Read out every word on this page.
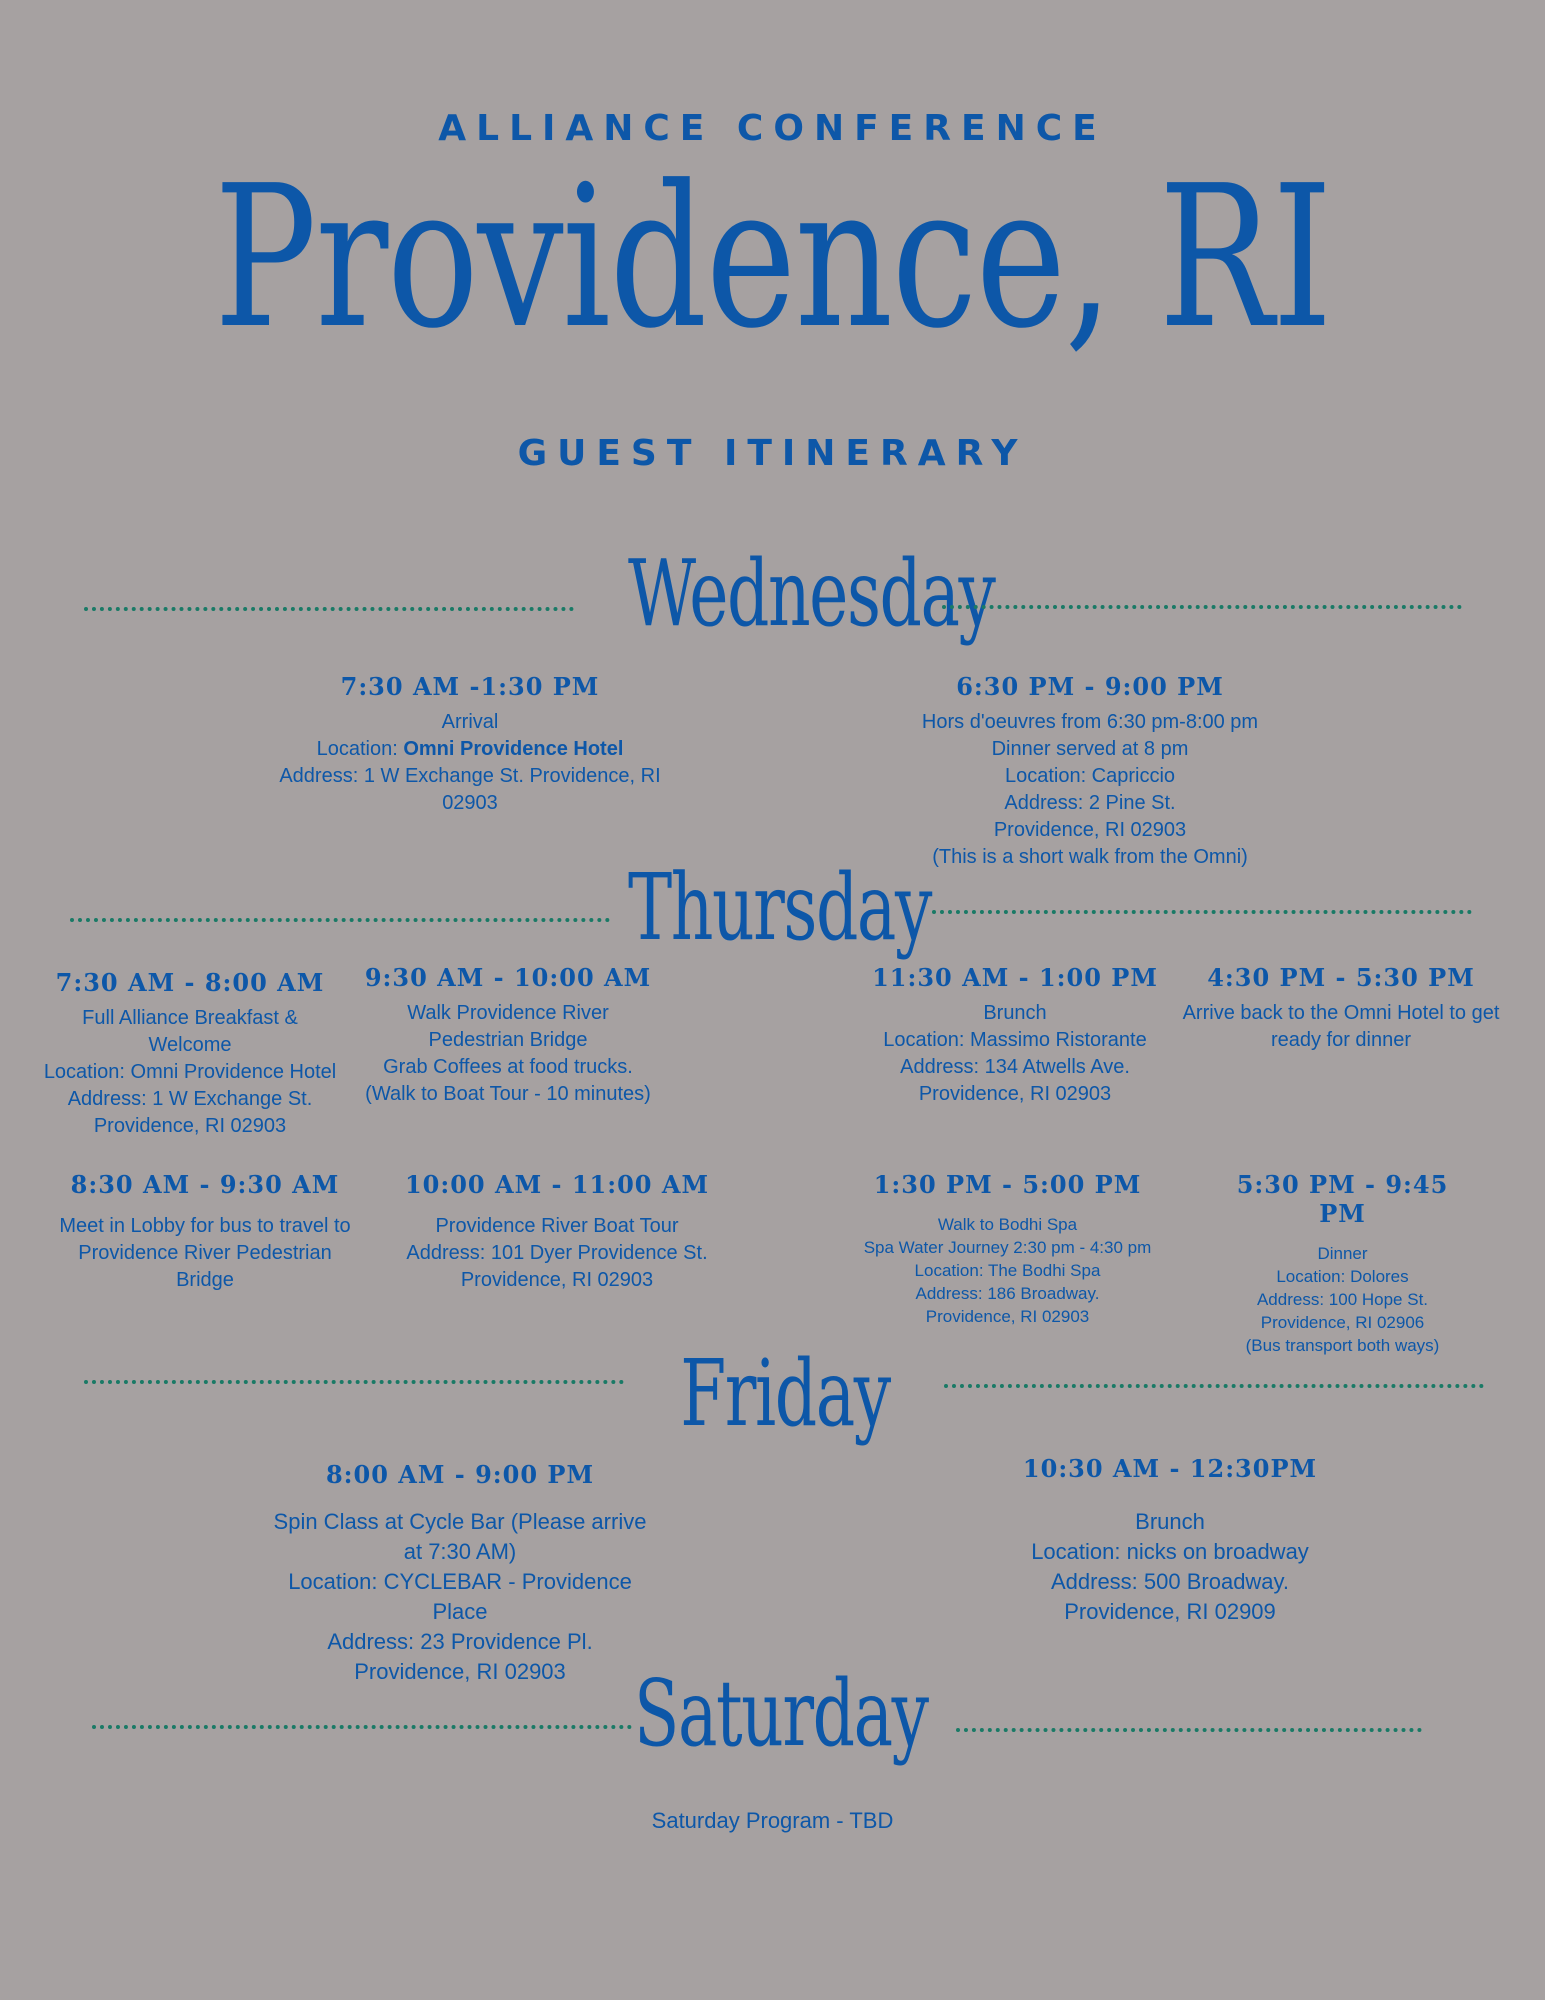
ALLIANCE CONFERENCE
Providence, RI
GUEST ITINERARY
Wednesday
7:30 AM -1:30 PM
Arrival
Location: Omni Providence Hotel
Address: 1 W Exchange St. Providence, RI
02903
6:30 PM - 9:00 PM
Hors d'oeuvres from 6:30 pm-8:00 pm
Dinner served at 8 pm
Location: Capriccio
Address: 2 Pine St.
Providence, RI 02903
(This is a short walk from the Omni)
Thursday
7:30 AM - 8:00 AM
Full Alliance Breakfast &
Welcome
Location: Omni Providence Hotel
Address: 1 W Exchange St.
Providence, RI 02903
9:30 AM - 10:00 AM
Walk Providence River
Pedestrian Bridge
Grab Coffees at food trucks.
(Walk to Boat Tour - 10 minutes)
11:30 AM - 1:00 PM
Brunch
Location: Massimo Ristorante
Address: 134 Atwells Ave.
Providence, RI 02903
4:30 PM - 5:30 PM
Arrive back to the Omni Hotel to get
ready for dinner
8:30 AM - 9:30 AM
Meet in Lobby for bus to travel to
Providence River Pedestrian
Bridge
10:00 AM - 11:00 AM
Providence River Boat Tour
Address: 101 Dyer Providence St.
Providence, RI 02903
1:30 PM - 5:00 PM
Walk to Bodhi Spa
Spa Water Journey 2:30 pm - 4:30 pm
Location: The Bodhi Spa
Address: 186 Broadway.
Providence, RI 02903
5:30 PM - 9:45 PM
Dinner
Location: Dolores
Address: 100 Hope St.
Providence, RI 02906
(Bus transport both ways)
Friday
8:00 AM - 9:00 PM
Spin Class at Cycle Bar (Please arrive
at 7:30 AM)
Location: CYCLEBAR - Providence
Place
Address: 23 Providence Pl.
Providence, RI 02903
10:30 AM - 12:30PM
Brunch
Location: nicks on broadway
Address: 500 Broadway.
Providence, RI 02909
Saturday
Saturday Program - TBD
